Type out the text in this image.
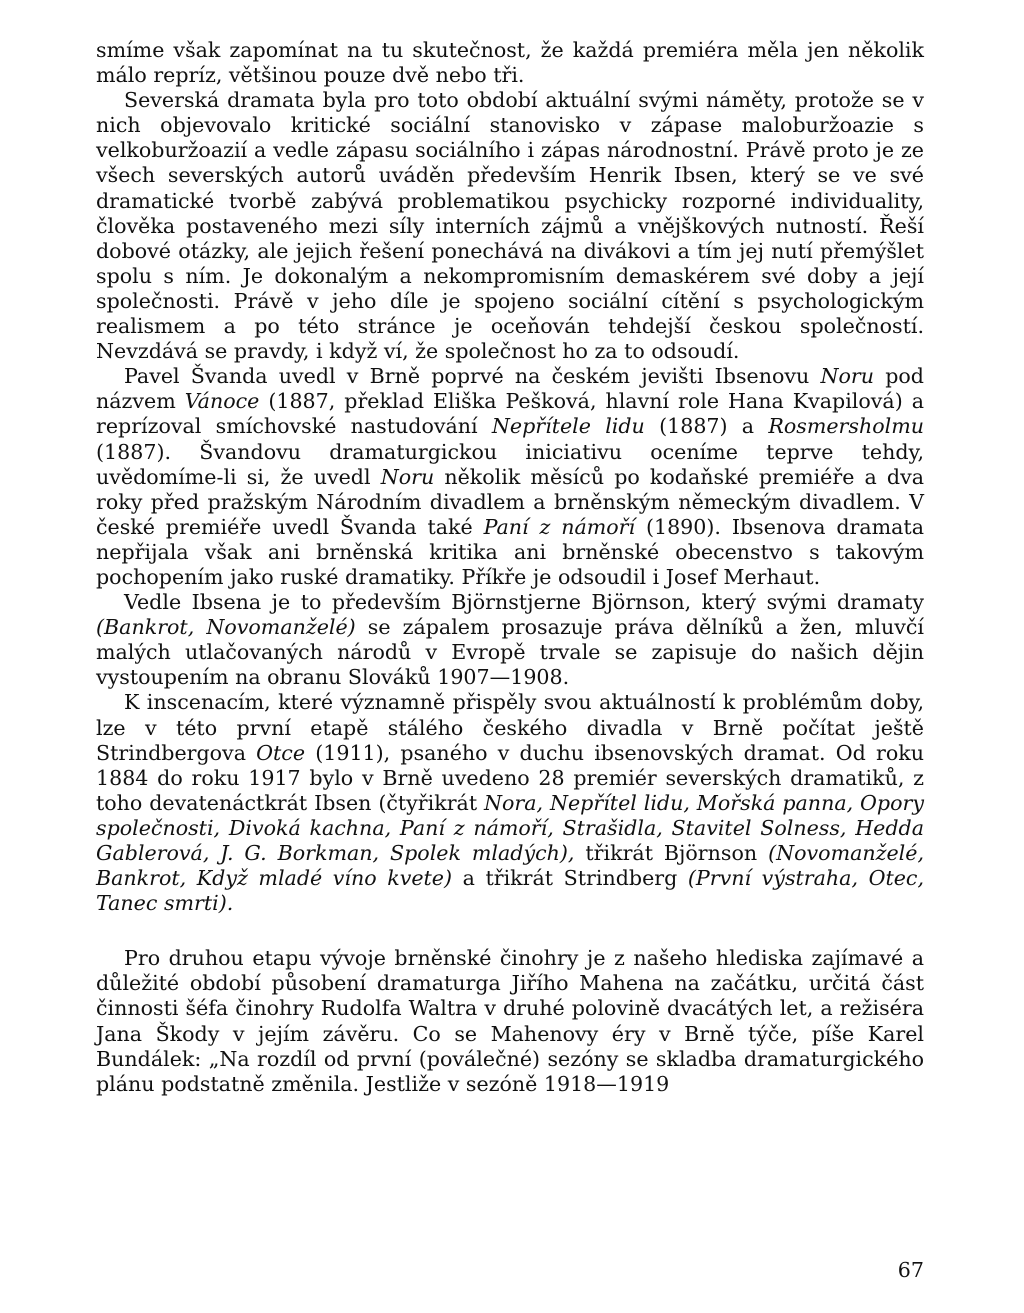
smíme však zapomínat na tu skutečnost, že každá premiéra měla jen několik málo repríz, většinou pouze dvě nebo tři.

Severská dramata byla pro toto období aktuální svými náměty, protože se v nich objevovalo kritické sociální stanovisko v zápase maloburžoazie s velkoburžoazií a vedle zápasu sociálního i zápas národnostní. Právě proto je ze všech severských autorů uváděn především Henrik Ibsen, který se ve své dramatické tvorbě zabývá problematikou psychicky rozporné individuality, člověka postaveného mezi síly interních zájmů a vnějškových nutností. Řeší dobové otázky, ale jejich řešení ponechává na divákovi a tím jej nutí přemýšlet spolu s ním. Je dokonalým a nekompromisním demaskérem své doby a její společnosti. Právě v jeho díle je spojeno sociální cítění s psychologickým realismem a po této stránce je oceňován tehdejší českou společností. Nevzdává se pravdy, i když ví, že společnost ho za to odsoudí.

Pavel Švanda uvedl v Brně poprvé na českém jevišti Ibsenovu Noru pod názvem Vánoce (1887, překlad Eliška Pešková, hlavní role Hana Kvapilová) a reprízoval smíchovské nastudování Nepřítele lidu (1887) a Rosmersholmu (1887). Švandovu dramaturgickou iniciativu oceníme teprve tehdy, uvědomíme-li si, že uvedl Noru několik měsíců po kodaňské premiéře a dva roky před pražským Národním divadlem a brněnským německým divadlem. V české premiéře uvedl Švanda také Paní z námoří (1890). Ibsenova dramata nepřijala však ani brněnská kritika ani brněnské obecenstvo s takovým pochopením jako ruské dramatiky. Příkře je odsoudil i Josef Merhaut.

Vedle Ibsena je to především Björnstjerne Björnson, který svými dramaty (Bankrot, Novomanželé) se zápalem prosazuje práva dělníků a žen, mluvčí malých utlačovaných národů v Evropě trvale se zapisuje do našich dějin vystoupením na obranu Slováků 1907—1908.

K inscenacím, které významně přispěly svou aktuálností k problémům doby, lze v této první etapě stálého českého divadla v Brně počítat ještě Strindbergova Otce (1911), psaného v duchu ibsenovských dramat. Od roku 1884 do roku 1917 bylo v Brně uvedeno 28 premiér severských dramatiků, z toho devatenáctkrát Ibsen (čtyřikrát Nora, Nepřítel lidu, Mořská panna, Opory společnosti, Divoká kachna, Paní z námoří, Strašidla, Stavitel Solness, Hedda Gablerová, J. G. Borkman, Spolek mladých), třikrát Björnson (Novomanželé, Bankrot, Když mladé víno kvete) a třikrát Strindberg (První výstraha, Otec, Tanec smrti).

Pro druhou etapu vývoje brněnské činohry je z našeho hlediska zajímavé a důležité období působení dramaturga Jiřího Mahena na začátku, určitá část činnosti šéfa činohry Rudolfa Waltra v druhé polovině dvacátých let, a režiséra Jana Škody v jejím závěru. Co se Mahenovy éry v Brně týče, píše Karel Bundálek: „Na rozdíl od první (poválečné) sezóny se skladba dramaturgického plánu podstatně změnila. Jestliže v sezóně 1918—1919

67
